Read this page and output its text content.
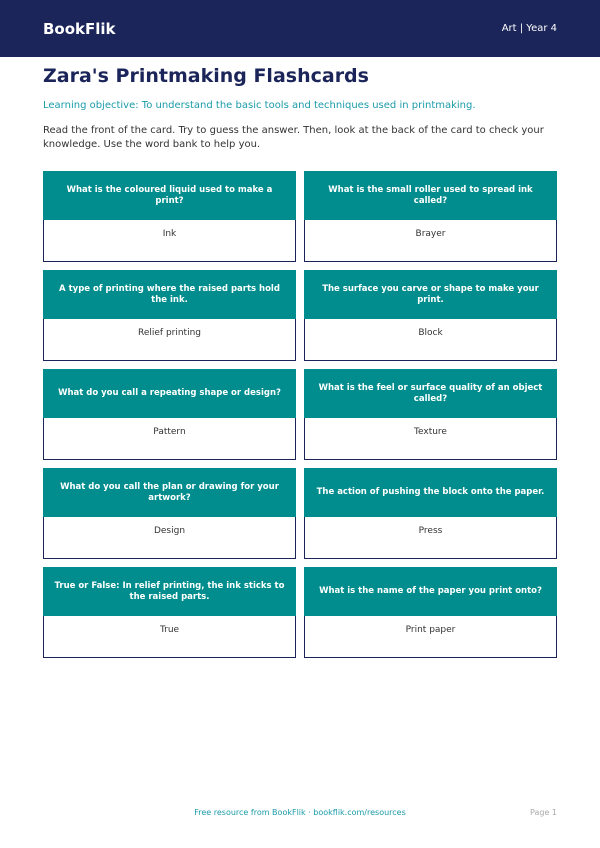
BookFlik	Art | Year 4
Zara's Printmaking Flashcards

Learning objective: To understand the basic tools and techniques used in printmaking.

Read the front of the card. Try to guess the answer. Then, look at the back of the card to check your knowledge. Use the word bank to help you.

What is the coloured liquid used to make a print?
Ink
What is the small roller used to spread ink called?
Brayer
A type of printing where the raised parts hold the ink.
Relief printing
The surface you carve or shape to make your print.
Block
What do you call a repeating shape or design?
Pattern
What is the feel or surface quality of an object called?
Texture
What do you call the plan or drawing for your artwork?
Design
The action of pushing the block onto the paper.
Press
True or False: In relief printing, the ink sticks to the raised parts.
True
What is the name of the paper you print onto?
Print paper
Free resource from BookFlik · bookflik.com/resources	Page 1
